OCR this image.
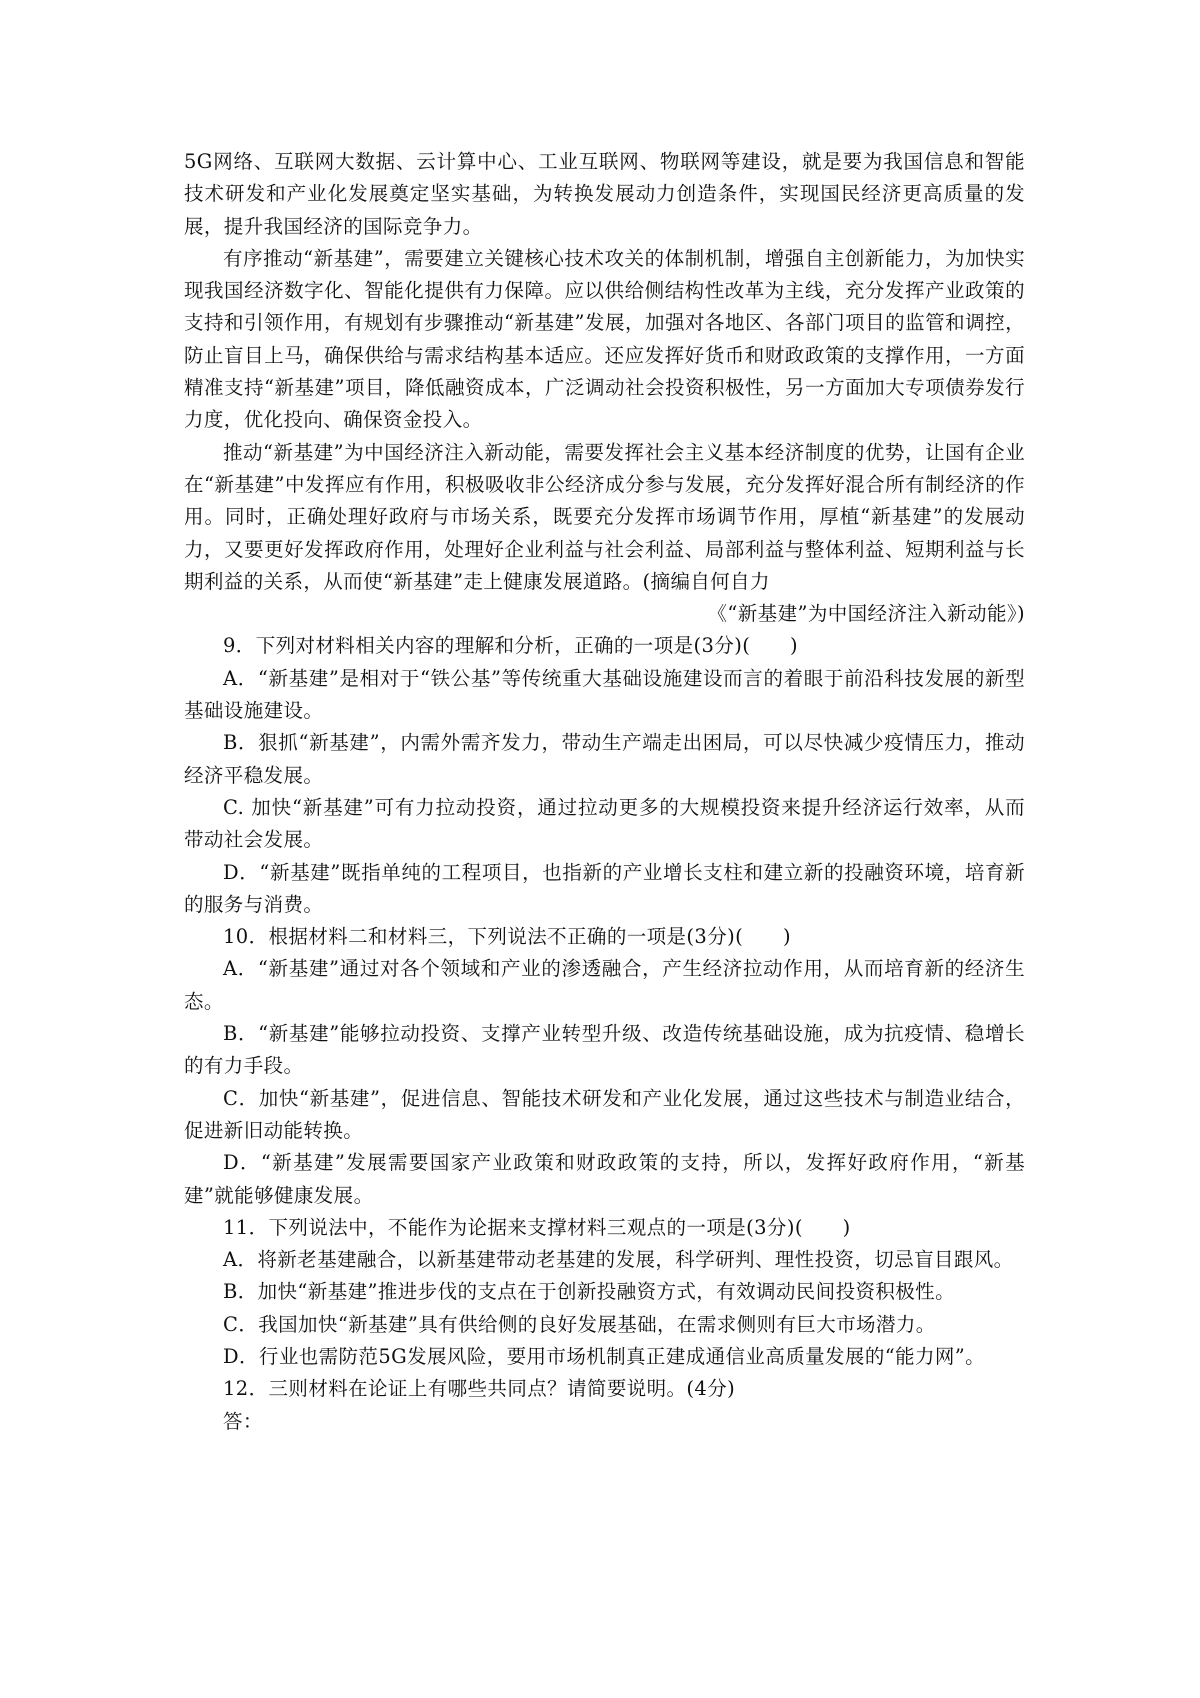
5G网络、互联网大数据、云计算中心、工业互联网、物联网等建设，就是要为我国信息和智能技术研发和产业化发展奠定坚实基础，为转换发展动力创造条件，实现国民经济更高质量的发展，提升我国经济的国际竞争力。

有序推动“新基建”，需要建立关键核心技术攻关的体制机制，增强自主创新能力，为加快实现我国经济数字化、智能化提供有力保障。应以供给侧结构性改革为主线，充分发挥产业政策的支持和引领作用，有规划有步骤推动“新基建”发展，加强对各地区、各部门项目的监管和调控，防止盲目上马，确保供给与需求结构基本适应。还应发挥好货币和财政政策的支撑作用，一方面精准支持“新基建”项目，降低融资成本，广泛调动社会投资积极性，另一方面加大专项债券发行力度，优化投向、确保资金投入。

推动“新基建”为中国经济注入新动能，需要发挥社会主义基本经济制度的优势，让国有企业在“新基建”中发挥应有作用，积极吸收非公经济成分参与发展，充分发挥好混合所有制经济的作用。同时，正确处理好政府与市场关系，既要充分发挥市场调节作用，厚植“新基建”的发展动力，又要更好发挥政府作用，处理好企业利益与社会利益、局部利益与整体利益、短期利益与长期利益的关系，从而使“新基建”走上健康发展道路。(摘编自何自力

《“新基建”为中国经济注入新动能》)

9．下列对材料相关内容的理解和分析，正确的一项是(3分)(　　)

A．“新基建”是相对于“铁公基”等传统重大基础设施建设而言的着眼于前沿科技发展的新型基础设施建设。

B．狠抓“新基建”，内需外需齐发力，带动生产端走出困局，可以尽快减少疫情压力，推动经济平稳发展。

C. 加快“新基建”可有力拉动投资，通过拉动更多的大规模投资来提升经济运行效率，从而带动社会发展。

D．“新基建”既指单纯的工程项目，也指新的产业增长支柱和建立新的投融资环境，培育新的服务与消费。

10．根据材料二和材料三，下列说法不正确的一项是(3分)(　　)

A．“新基建”通过对各个领域和产业的渗透融合，产生经济拉动作用，从而培育新的经济生态。

B．“新基建”能够拉动投资、支撑产业转型升级、改造传统基础设施，成为抗疫情、稳增长的有力手段。

C．加快“新基建”，促进信息、智能技术研发和产业化发展，通过这些技术与制造业结合，促进新旧动能转换。

D．“新基建”发展需要国家产业政策和财政政策的支持，所以，发挥好政府作用，“新基建”就能够健康发展。

11．下列说法中，不能作为论据来支撑材料三观点的一项是(3分)(　　)

A．将新老基建融合，以新基建带动老基建的发展，科学研判、理性投资，切忌盲目跟风。

B．加快“新基建”推进步伐的支点在于创新投融资方式，有效调动民间投资积极性。

C．我国加快“新基建”具有供给侧的良好发展基础，在需求侧则有巨大市场潜力。

D．行业也需防范5G发展风险，要用市场机制真正建成通信业高质量发展的“能力网”。

12．三则材料在论证上有哪些共同点？请简要说明。(4分)

答：
